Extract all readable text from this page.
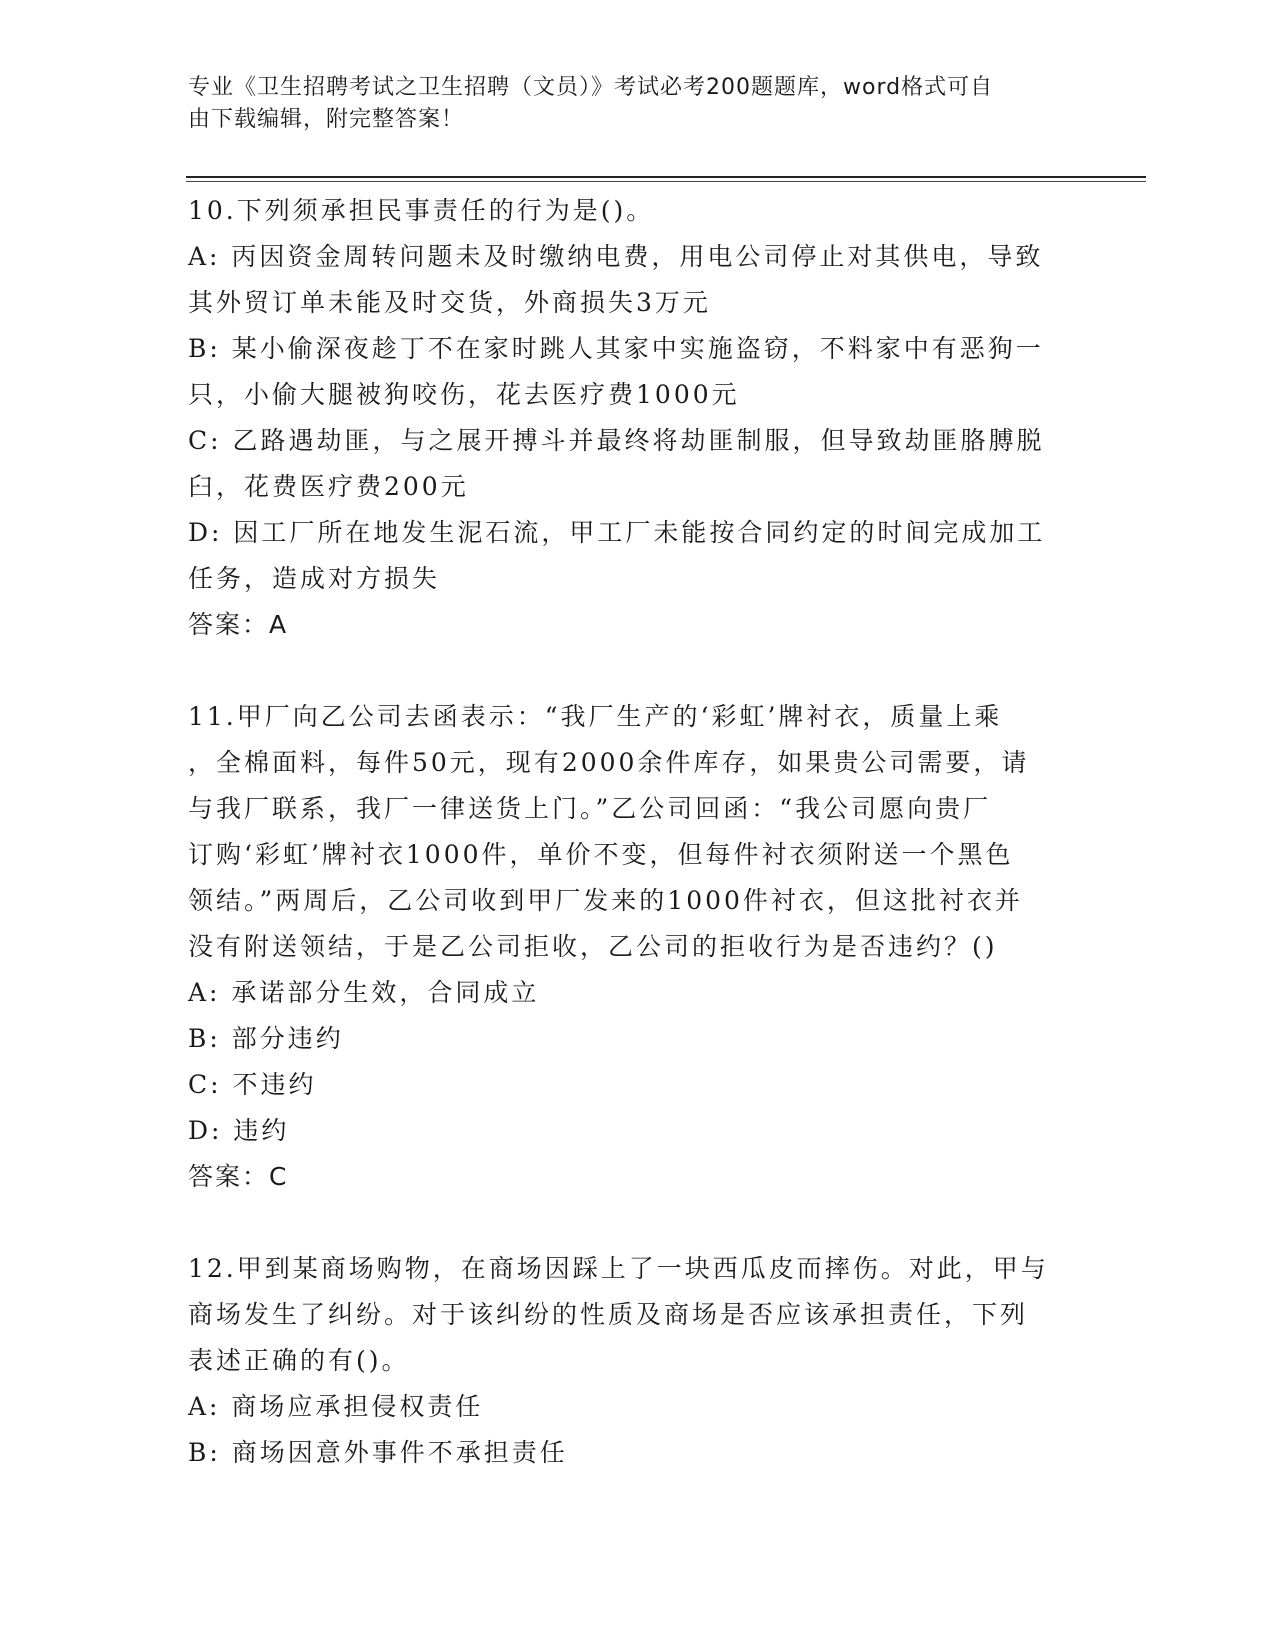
专业《卫生招聘考试之卫生招聘（文员）》考试必考200题题库，word格式可自
由下载编辑，附完整答案！
10.下列须承担民事责任的行为是()。
A: 丙因资金周转问题未及时缴纳电费，用电公司停止对其供电，导致
其外贸订单未能及时交货，外商损失3万元
B: 某小偷深夜趁丁不在家时跳人其家中实施盗窃，不料家中有恶狗一
只，小偷大腿被狗咬伤，花去医疗费1000元
C: 乙路遇劫匪，与之展开搏斗并最终将劫匪制服，但导致劫匪胳膊脱
臼，花费医疗费200元
D: 因工厂所在地发生泥石流，甲工厂未能按合同约定的时间完成加工
任务，造成对方损失
答案：A
11.甲厂向乙公司去函表示：“我厂生产的‘彩虹’牌衬衣，质量上乘
，全棉面料，每件50元，现有2000余件库存，如果贵公司需要，请
与我厂联系，我厂一律送货上门。”乙公司回函：“我公司愿向贵厂
订购‘彩虹’牌衬衣1000件，单价不变，但每件衬衣须附送一个黑色
领结。”两周后，乙公司收到甲厂发来的1000件衬衣，但这批衬衣并
没有附送领结，于是乙公司拒收，乙公司的拒收行为是否违约？()
A: 承诺部分生效，合同成立
B: 部分违约
C: 不违约
D: 违约
答案：C
12.甲到某商场购物，在商场因踩上了一块西瓜皮而摔伤。对此，甲与
商场发生了纠纷。对于该纠纷的性质及商场是否应该承担责任，下列
表述正确的有()。
A: 商场应承担侵权责任
B: 商场因意外事件不承担责任
